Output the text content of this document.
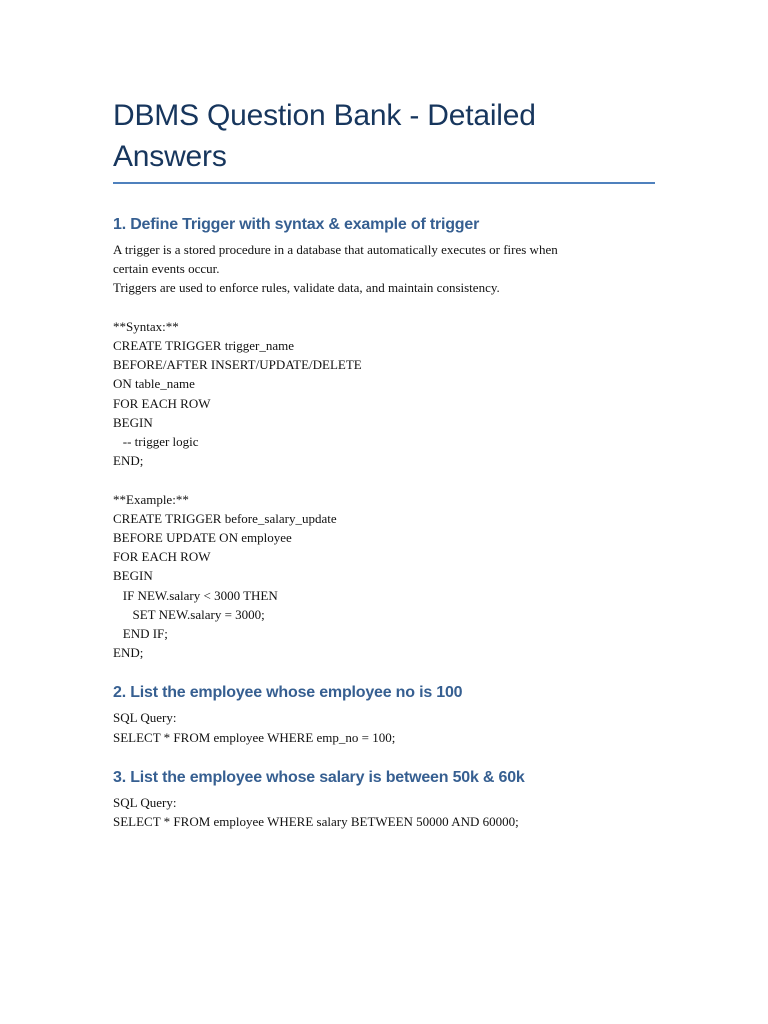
DBMS Question Bank - Detailed
Answers
1. Define Trigger with syntax & example of trigger

A trigger is a stored procedure in a database that automatically executes or fires when
certain events occur.
Triggers are used to enforce rules, validate data, and maintain consistency.

**Syntax:**
CREATE TRIGGER trigger_name
BEFORE/AFTER INSERT/UPDATE/DELETE
ON table_name
FOR EACH ROW
BEGIN
-- trigger logic
END;

**Example:**
CREATE TRIGGER before_salary_update
BEFORE UPDATE ON employee
FOR EACH ROW
BEGIN
IF NEW.salary < 3000 THEN
SET NEW.salary = 3000;
END IF;
END;

2. List the employee whose employee no is 100

SQL Query:
SELECT * FROM employee WHERE emp_no = 100;

3. List the employee whose salary is between 50k & 60k

SQL Query:
SELECT * FROM employee WHERE salary BETWEEN 50000 AND 60000;
